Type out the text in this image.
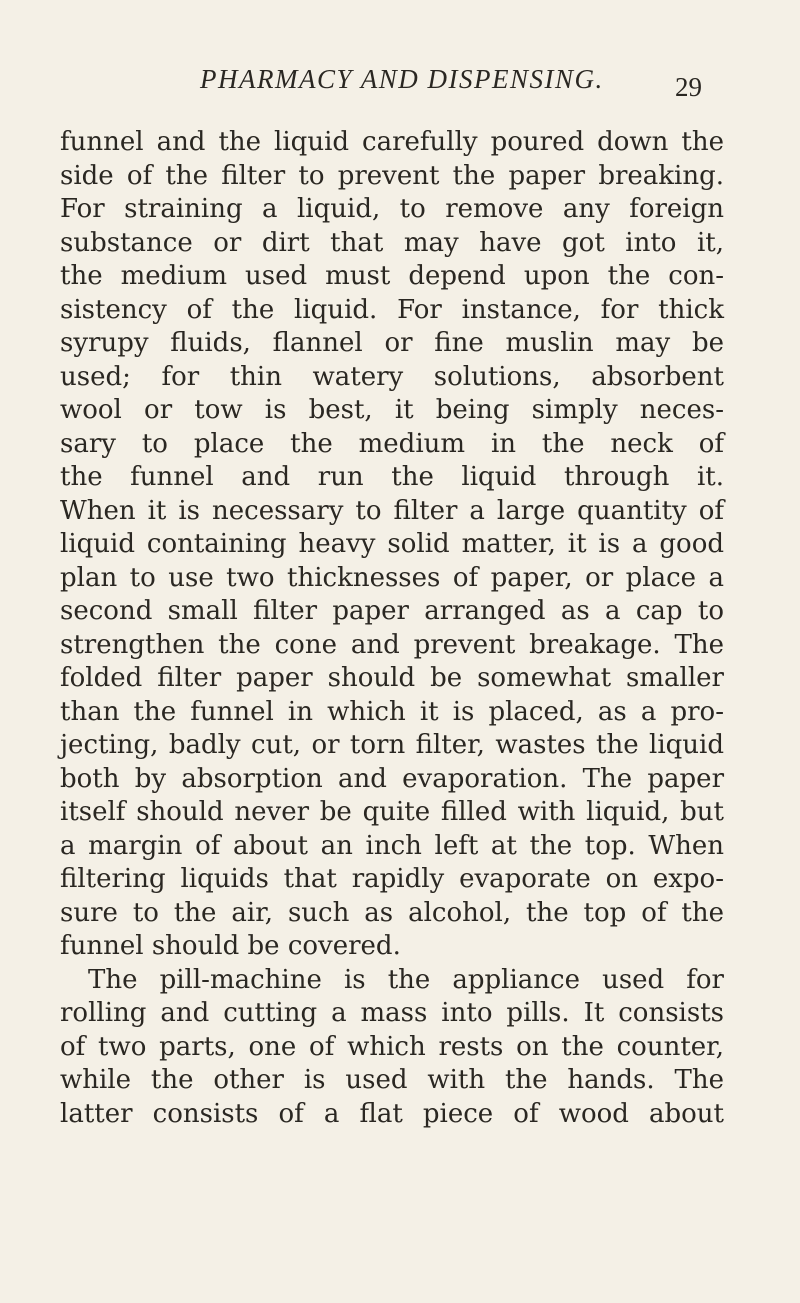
PHARMACY AND DISPENSING.	29
funnel and the liquid carefully poured down the
side of the filter to prevent the paper breaking.
For straining a liquid, to remove any foreign
substance or dirt that may have got into it,
the medium used must depend upon the con-
sistency of the liquid. For instance, for thick
syrupy fluids, flannel or fine muslin may be
used; for thin watery solutions, absorbent
wool or tow is best, it being simply neces-
sary to place the medium in the neck of
the funnel and run the liquid through it.
When it is necessary to filter a large quantity of
liquid containing heavy solid matter, it is a good
plan to use two thicknesses of paper, or place a
second small filter paper arranged as a cap to
strengthen the cone and prevent breakage. The
folded filter paper should be somewhat smaller
than the funnel in which it is placed, as a pro-
jecting, badly cut, or torn filter, wastes the liquid
both by absorption and evaporation. The paper
itself should never be quite filled with liquid, but
a margin of about an inch left at the top. When
filtering liquids that rapidly evaporate on expo-
sure to the air, such as alcohol, the top of the
funnel should be covered.
The pill-machine is the appliance used for
rolling and cutting a mass into pills. It consists
of two parts, one of which rests on the counter,
while the other is used with the hands. The
latter consists of a flat piece of wood about
